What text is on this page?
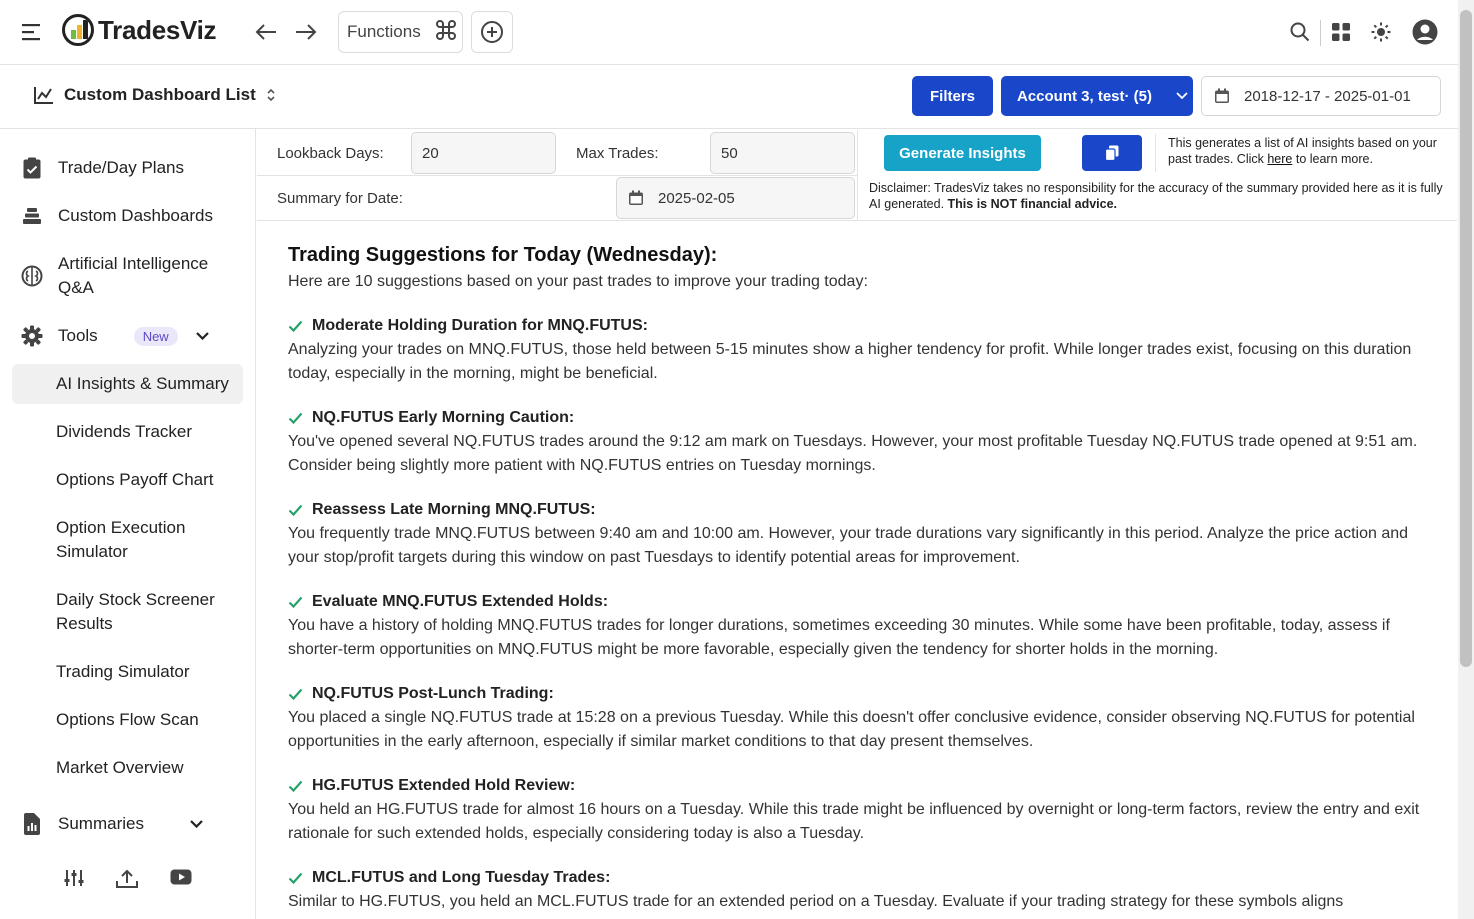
TradesViz	Functions
Custom Dashboard List	Filters	Account 3, test· (5)	2018-12-17 - 2025-01-01
Trade/Day Plans
Custom Dashboards
Artificial Intelligence Q&A
Tools	New
AI Insights & Summary
Dividends Tracker
Options Payoff Chart
Option Execution Simulator
Daily Stock Screener Results
Trading Simulator
Options Flow Scan
Market Overview
Summaries
Lookback Days:	20	Max Trades:	50
Summary for Date:	2025-02-05
Generate Insights
This generates a list of AI insights based on your past trades. Click here to learn more.
Disclaimer: TradesViz takes no responsibility for the accuracy of the summary provided here as it is fully AI generated. This is NOT financial advice.
Trading Suggestions for Today (Wednesday):

Here are 10 suggestions based on your past trades to improve your trading today:

Moderate Holding Duration for MNQ.FUTUS:

Analyzing your trades on MNQ.FUTUS, those held between 5-15 minutes show a higher tendency for profit. While longer trades exist, focusing on this duration today, especially in the morning, might be beneficial.

NQ.FUTUS Early Morning Caution:

You've opened several NQ.FUTUS trades around the 9:12 am mark on Tuesdays. However, your most profitable Tuesday NQ.FUTUS trade opened at 9:51 am. Consider being slightly more patient with NQ.FUTUS entries on Tuesday mornings.

Reassess Late Morning MNQ.FUTUS:

You frequently trade MNQ.FUTUS between 9:40 am and 10:00 am. However, your trade durations vary significantly in this period. Analyze the price action and your stop/profit targets during this window on past Tuesdays to identify potential areas for improvement.

Evaluate MNQ.FUTUS Extended Holds:

You have a history of holding MNQ.FUTUS trades for longer durations, sometimes exceeding 30 minutes. While some have been profitable, today, assess if shorter-term opportunities on MNQ.FUTUS might be more favorable, especially given the tendency for shorter holds in the morning.

NQ.FUTUS Post-Lunch Trading:

You placed a single NQ.FUTUS trade at 15:28 on a previous Tuesday. While this doesn't offer conclusive evidence, consider observing NQ.FUTUS for potential opportunities in the early afternoon, especially if similar market conditions to that day present themselves.

HG.FUTUS Extended Hold Review:

You held an HG.FUTUS trade for almost 16 hours on a Tuesday. While this trade might be influenced by overnight or long-term factors, review the entry and exit rationale for such extended holds, especially considering today is also a Tuesday.

MCL.FUTUS and Long Tuesday Trades:

Similar to HG.FUTUS, you held an MCL.FUTUS trade for an extended period on a Tuesday. Evaluate if your trading strategy for these symbols aligns
